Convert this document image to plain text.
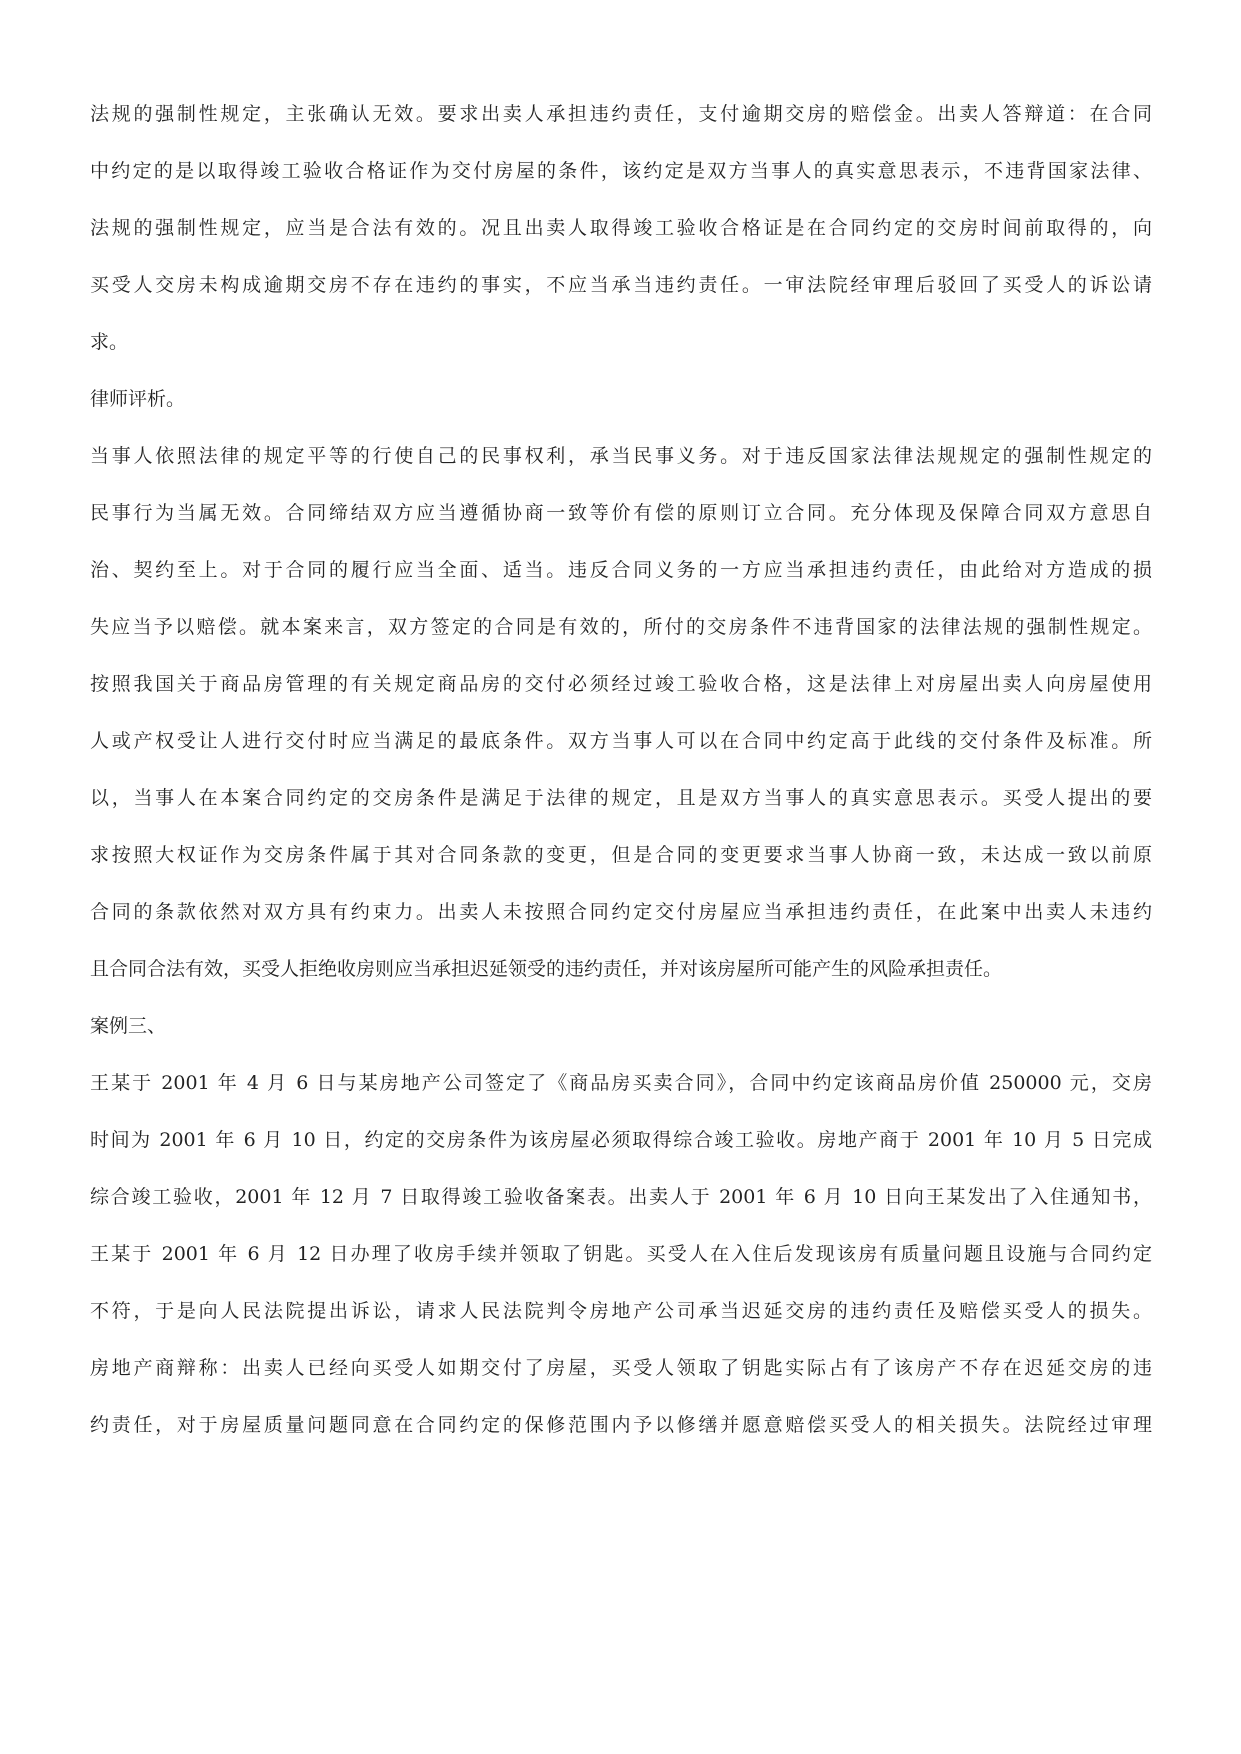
法规的强制性规定，主张确认无效。要求出卖人承担违约责任，支付逾期交房的赔偿金。出卖人答辩道：在合同
中约定的是以取得竣工验收合格证作为交付房屋的条件，该约定是双方当事人的真实意思表示，不违背国家法律、
法规的强制性规定，应当是合法有效的。况且出卖人取得竣工验收合格证是在合同约定的交房时间前取得的，向
买受人交房未构成逾期交房不存在违约的事实，不应当承当违约责任。一审法院经审理后驳回了买受人的诉讼请
求。
律师评析。
当事人依照法律的规定平等的行使自己的民事权利，承当民事义务。对于违反国家法律法规规定的强制性规定的
民事行为当属无效。合同缔结双方应当遵循协商一致等价有偿的原则订立合同。充分体现及保障合同双方意思自
治、契约至上。对于合同的履行应当全面、适当。违反合同义务的一方应当承担违约责任，由此给对方造成的损
失应当予以赔偿。就本案来言，双方签定的合同是有效的，所付的交房条件不违背国家的法律法规的强制性规定。
按照我国关于商品房管理的有关规定商品房的交付必须经过竣工验收合格，这是法律上对房屋出卖人向房屋使用
人或产权受让人进行交付时应当满足的最底条件。双方当事人可以在合同中约定高于此线的交付条件及标准。所
以，当事人在本案合同约定的交房条件是满足于法律的规定，且是双方当事人的真实意思表示。买受人提出的要
求按照大权证作为交房条件属于其对合同条款的变更，但是合同的变更要求当事人协商一致，未达成一致以前原
合同的条款依然对双方具有约束力。出卖人未按照合同约定交付房屋应当承担违约责任，在此案中出卖人未违约
且合同合法有效，买受人拒绝收房则应当承担迟延领受的违约责任，并对该房屋所可能产生的风险承担责任。
案例三、
王某于 2001 年 4 月 6 日与某房地产公司签定了《商品房买卖合同》，合同中约定该商品房价值 250000 元，交房
时间为 2001 年 6 月 10 日，约定的交房条件为该房屋必须取得综合竣工验收。房地产商于 2001 年 10 月 5 日完成
综合竣工验收，2001 年 12 月 7 日取得竣工验收备案表。出卖人于 2001 年 6 月 10 日向王某发出了入住通知书，
王某于 2001 年 6 月 12 日办理了收房手续并领取了钥匙。买受人在入住后发现该房有质量问题且设施与合同约定
不符，于是向人民法院提出诉讼，请求人民法院判令房地产公司承当迟延交房的违约责任及赔偿买受人的损失。
房地产商辩称：出卖人已经向买受人如期交付了房屋，买受人领取了钥匙实际占有了该房产不存在迟延交房的违
约责任，对于房屋质量问题同意在合同约定的保修范围内予以修缮并愿意赔偿买受人的相关损失。法院经过审理
